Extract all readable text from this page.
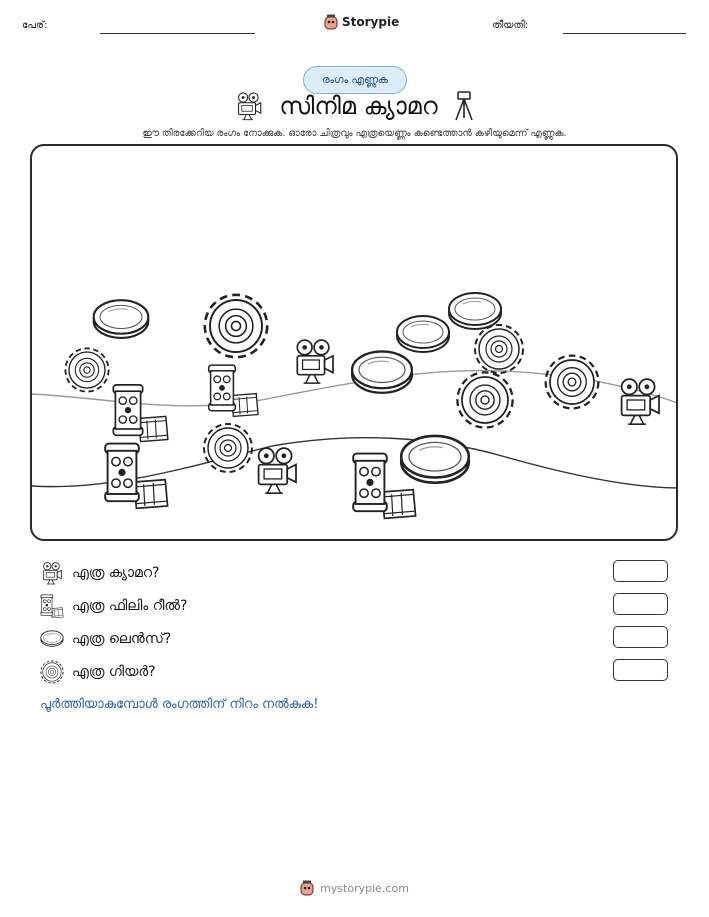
പേര്:	Storypie	തീയതി:
രംഗം എണ്ണുക
സിനിമ ക്യാമറ
ഈ തിരക്കേറിയ രംഗം നോക്കുക. ഓരോ ചിത്രവും എത്രയെണ്ണം കണ്ടെത്താൻ കഴിയുമെന്ന് എണ്ണുക.
എത്ര ക്യാമറ?
എത്ര ഫിലിം റീൽ?
എത്ര ലെൻസ്?
എത്ര ഗിയർ?
പൂർത്തിയാകുമ്പോൾ രംഗത്തിന് നിറം നൽകുക!
mystorypie.com
